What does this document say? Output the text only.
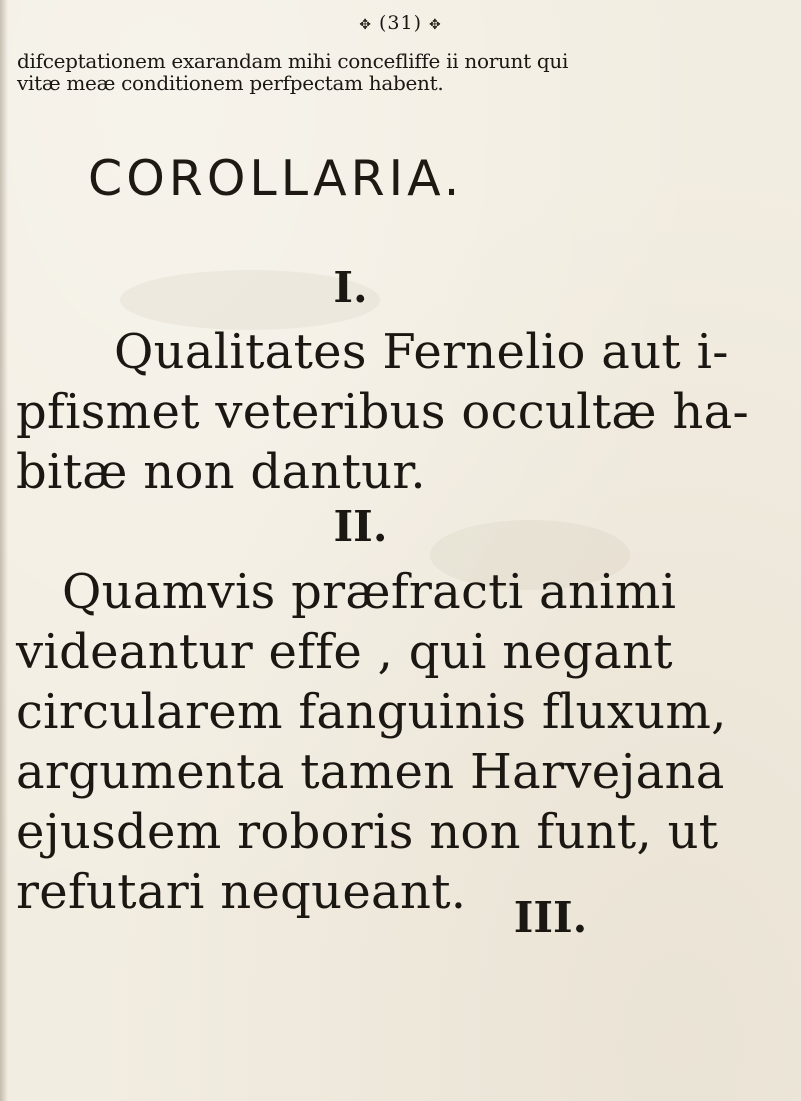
✥ (31) ✥
difceptationem exarandam mihi concefliffe ii norunt qui
vitæ meæ conditionem perfpectam habent.
COROLLARIA.
I.
Qualitates Fernelio aut i-
pfismet veteribus occultæ ha-
bitæ non dantur.
II.
Quamvis præfracti animi
videantur effe , qui negant
circularem fanguinis fluxum,
argumenta tamen Harvejana
ejusdem roboris non funt, ut
refutari nequeant.	III.
